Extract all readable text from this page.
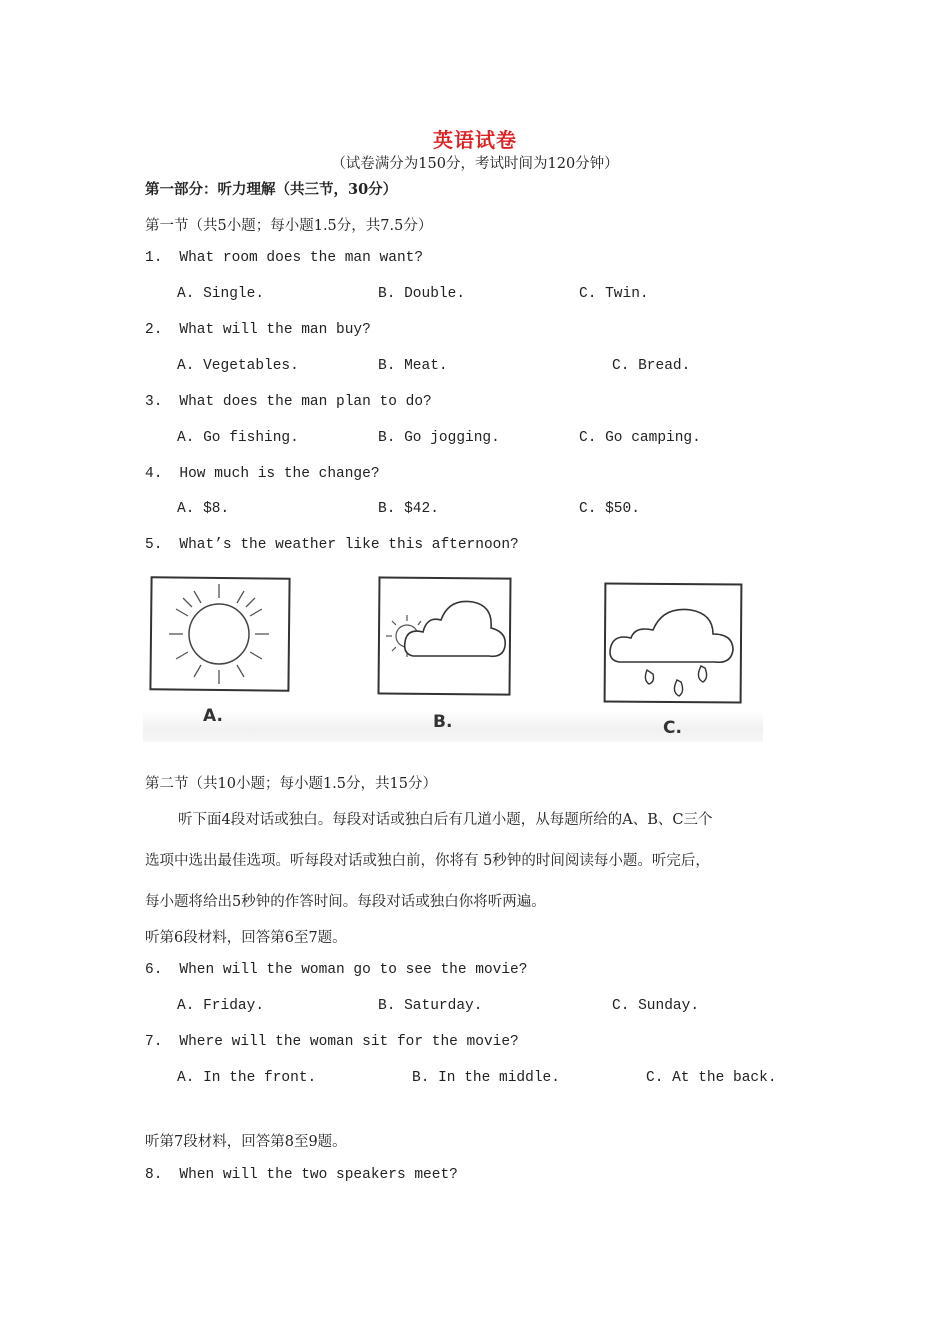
英语试卷
（试卷满分为150分，考试时间为120分钟）
第一部分：听力理解（共三节，30分）
第一节（共5小题；每小题1.5分，共7.5分）
1. What room does the man want?
A. Single.	B. Double.	C. Twin.
2. What will the man buy?
A. Vegetables.	B. Meat.	C. Bread.
3. What does the man plan to do?
A. Go fishing.	B. Go jogging.	C. Go camping.
4. How much is the change?
A. $8.	B. $42.	C. $50.
5. What’s the weather like this afternoon?
A.	B.	C.
第二节（共10小题；每小题1.5分，共15分）
听下面4段对话或独白。每段对话或独白后有几道小题，从每题所给的A、B、C三个
选项中选出最佳选项。听每段对话或独白前，你将有 5秒钟的时间阅读每小题。听完后，
每小题将给出5秒钟的作答时间。每段对话或独白你将听两遍。
听第6段材料，回答第6至7题。
6. When will the woman go to see the movie?
A. Friday.	B. Saturday.	C. Sunday.
7. Where will the woman sit for the movie?
A. In the front.	B. In the middle.	C. At the back.
听第7段材料，回答第8至9题。
8. When will the two speakers meet?
